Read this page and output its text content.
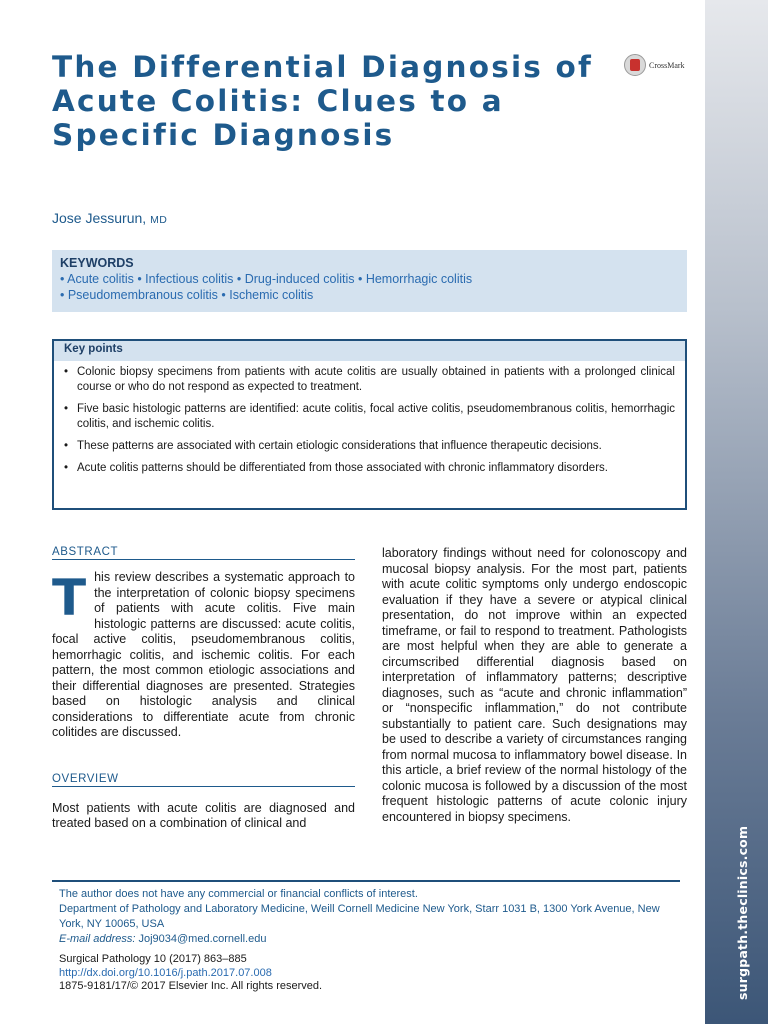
The Differential Diagnosis of Acute Colitis: Clues to a Specific Diagnosis
CrossMark

Jose Jessurun, MD

KEYWORDS

• Acute colitis • Infectious colitis • Drug-induced colitis • Hemorrhagic colitis

• Pseudomembranous colitis • Ischemic colitis

Key points
• Colonic biopsy specimens from patients with acute colitis are usually obtained in patients with a prolonged clinical course or who do not respond as expected to treatment.
• Five basic histologic patterns are identified: acute colitis, focal active colitis, pseudomembranous colitis, hemorrhagic colitis, and ischemic colitis.
• These patterns are associated with certain etiologic considerations that influence therapeutic decisions.
• Acute colitis patterns should be differentiated from those associated with chronic inflammatory disorders.

ABSTRACT

This review describes a systematic approach to the interpretation of colonic biopsy specimens of patients with acute colitis. Five main histologic patterns are discussed: acute colitis, focal active colitis, pseudomembranous colitis, hemorrhagic colitis, and ischemic colitis. For each pattern, the most common etiologic associations and their differential diagnoses are presented. Strategies based on histologic analysis and clinical considerations to differentiate acute from chronic colitides are discussed.

OVERVIEW

Most patients with acute colitis are diagnosed and treated based on a combination of clinical and

laboratory findings without need for colonoscopy and mucosal biopsy analysis. For the most part, patients with acute colitic symptoms only undergo endoscopic evaluation if they have a severe or atypical clinical presentation, do not improve within an expected timeframe, or fail to respond to treatment. Pathologists are most helpful when they are able to generate a circumscribed differential diagnosis based on interpretation of inflammatory patterns; descriptive diagnoses, such as “acute and chronic inflammation” or “nonspecific inflammation,” do not contribute substantially to patient care. Such designations may be used to describe a variety of circumstances ranging from normal mucosa to inflammatory bowel disease. In this article, a brief review of the normal histology of the colonic mucosa is followed by a discussion of the most frequent histologic patterns of acute colonic injury encountered in biopsy specimens.

The author does not have any commercial or financial conflicts of interest.

Department of Pathology and Laboratory Medicine, Weill Cornell Medicine New York, Starr 1031 B, 1300 York Avenue, New York, NY 10065, USA

E-mail address: Joj9034@med.cornell.edu

Surgical Pathology 10 (2017) 863–885

http://dx.doi.org/10.1016/j.path.2017.07.008

1875-9181/17/© 2017 Elsevier Inc. All rights reserved.	surgpath.theclinics.com
